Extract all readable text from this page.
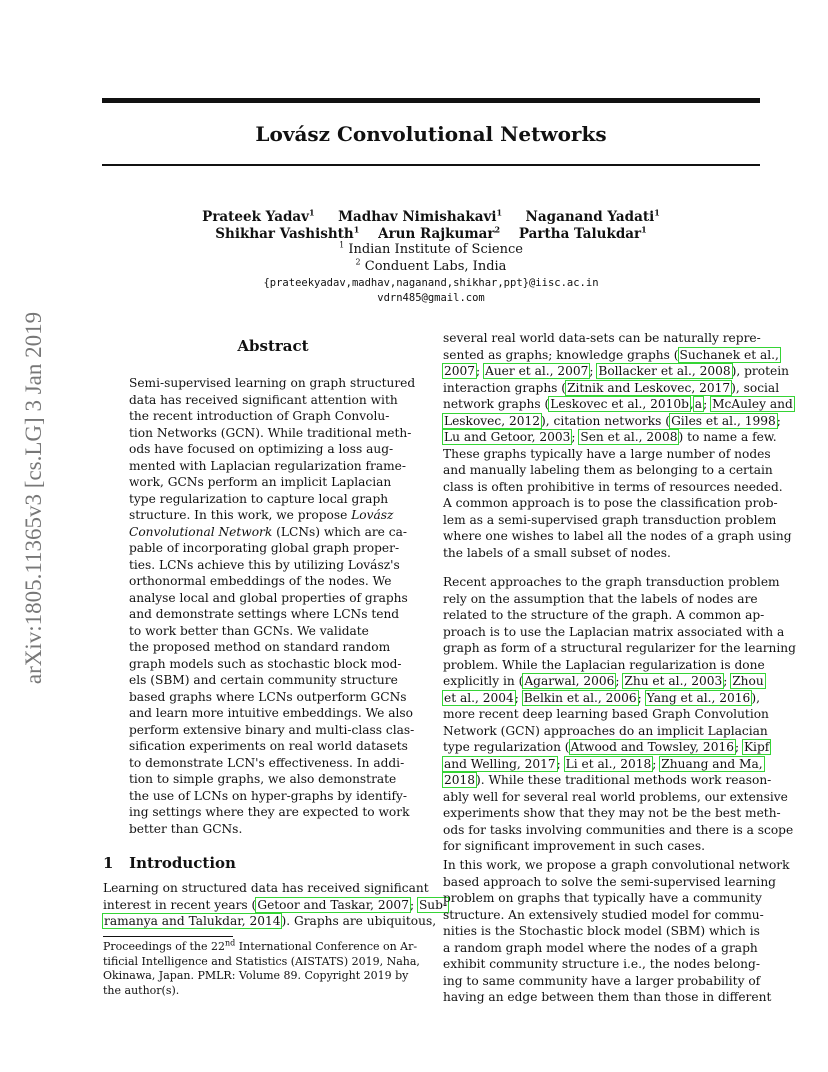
arXiv:1805.11365v3 [cs.LG] 3 Jan 2019
Lovász Convolutional Networks
Prateek Yadav$^1$ Madhav Nimishakavi$^1$ Naganand Yadati$^1$
Shikhar Vashishth$^1$ Arun Rajkumar$^2$ Partha Talukdar$^1$
$^1$ Indian Institute of Science
$^2$ Conduent Labs, India
{prateekyadav,madhav,naganand,shikhar,ppt}@iisc.ac.in
vdrn485@gmail.com
Abstract
Semi-supervised learning on graph structured
data has received significant attention with
the recent introduction of Graph Convolu-
tion Networks (GCN). While traditional meth-
ods have focused on optimizing a loss aug-
mented with Laplacian regularization frame-
work, GCNs perform an implicit Laplacian
type regularization to capture local graph
structure. In this work, we propose Lovász
Convolutional Network (LCNs) which are ca-
pable of incorporating global graph proper-
ties. LCNs achieve this by utilizing Lovász's
orthonormal embeddings of the nodes. We
analyse local and global properties of graphs
and demonstrate settings where LCNs tend
to work better than GCNs. We validate
the proposed method on standard random
graph models such as stochastic block mod-
els (SBM) and certain community structure
based graphs where LCNs outperform GCNs
and learn more intuitive embeddings. We also
perform extensive binary and multi-class clas-
sification experiments on real world datasets
to demonstrate LCN's effectiveness. In addi-
tion to simple graphs, we also demonstrate
the use of LCNs on hyper-graphs by identify-
ing settings where they are expected to work
better than GCNs.
1 Introduction
Learning on structured data has received significant
interest in recent years (Getoor and Taskar, 2007; Sub-
ramanya and Talukdar, 2014). Graphs are ubiquitous,
Proceedings of the 22nd International Conference on Ar-
tificial Intelligence and Statistics (AISTATS) 2019, Naha,
Okinawa, Japan. PMLR: Volume 89. Copyright 2019 by
the author(s).
several real world data-sets can be naturally repre-
sented as graphs; knowledge graphs (Suchanek et al.,
2007; Auer et al., 2007; Bollacker et al., 2008), protein
interaction graphs (Zitnik and Leskovec, 2017), social
network graphs (Leskovec et al., 2010b,a; McAuley and
Leskovec, 2012), citation networks (Giles et al., 1998;
Lu and Getoor, 2003; Sen et al., 2008) to name a few.
These graphs typically have a large number of nodes
and manually labeling them as belonging to a certain
class is often prohibitive in terms of resources needed.
A common approach is to pose the classification prob-
lem as a semi-supervised graph transduction problem
where one wishes to label all the nodes of a graph using
the labels of a small subset of nodes.
Recent approaches to the graph transduction problem
rely on the assumption that the labels of nodes are
related to the structure of the graph. A common ap-
proach is to use the Laplacian matrix associated with a
graph as form of a structural regularizer for the learning
problem. While the Laplacian regularization is done
explicitly in (Agarwal, 2006; Zhu et al., 2003; Zhou
et al., 2004; Belkin et al., 2006; Yang et al., 2016),
more recent deep learning based Graph Convolution
Network (GCN) approaches do an implicit Laplacian
type regularization (Atwood and Towsley, 2016; Kipf
and Welling, 2017; Li et al., 2018; Zhuang and Ma,
2018). While these traditional methods work reason-
ably well for several real world problems, our extensive
experiments show that they may not be the best meth-
ods for tasks involving communities and there is a scope
for significant improvement in such cases.
In this work, we propose a graph convolutional network
based approach to solve the semi-supervised learning
problem on graphs that typically have a community
structure. An extensively studied model for commu-
nities is the Stochastic block model (SBM) which is
a random graph model where the nodes of a graph
exhibit community structure i.e., the nodes belong-
ing to same community have a larger probability of
having an edge between them than those in different
